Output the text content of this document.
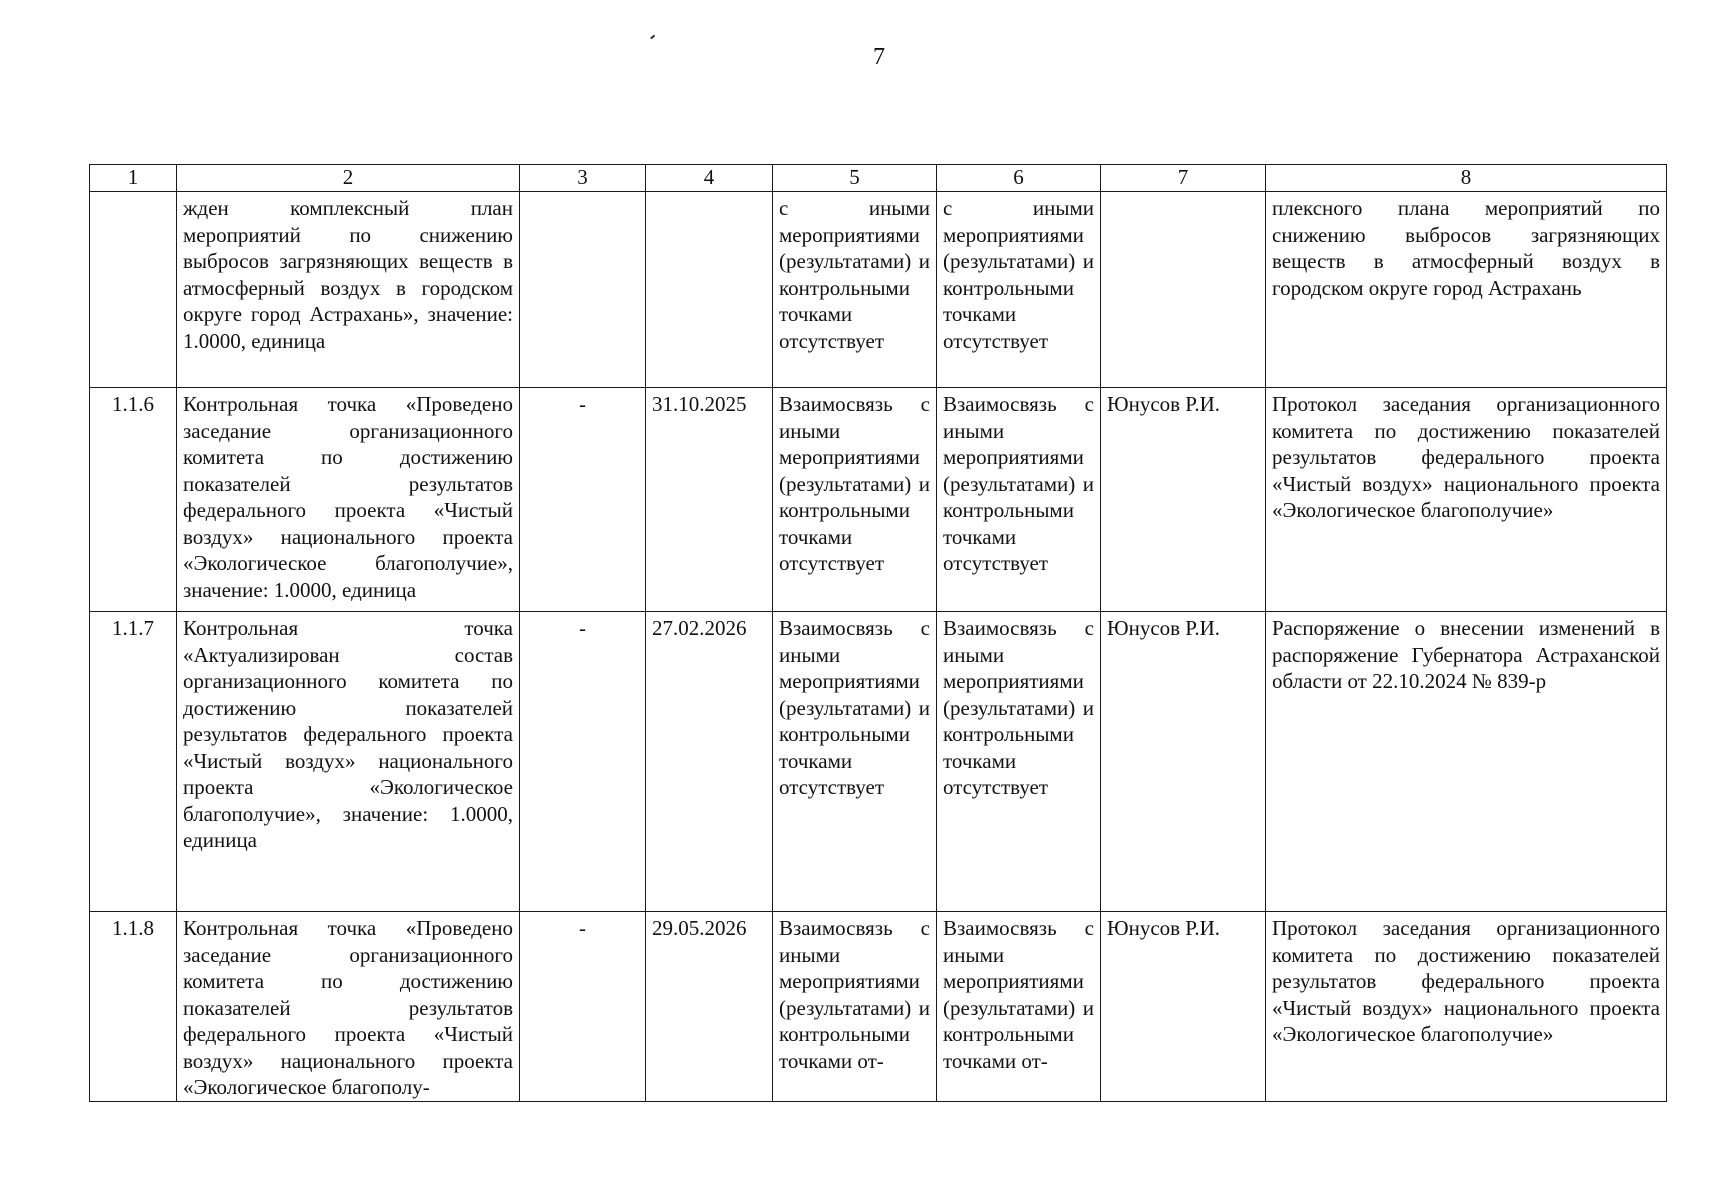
7
1	2	3	4	5	6	7	8
	жден комплексный план мероприятий по снижению выбросов загрязняющих веществ в атмосферный воздух в городском округе город Астрахань», значение: 1.0000, единица			с иными мероприятиями (результатами) и контрольными точками отсутствует	с иными мероприятиями (результатами) и контрольными точками отсутствует		плексного плана мероприятий по снижению выбросов загрязняющих веществ в атмосферный воздух в городском округе город Астрахань
1.1.6	Контрольная точка «Проведено заседание организационного комитета по достижению показателей результатов федерального проекта «Чистый воздух» национального проекта «Экологическое благополучие», значение: 1.0000, единица	-	31.10.2025	Взаимосвязь с иными мероприятиями (результатами) и контрольными точками отсутствует	Взаимосвязь с иными мероприятиями (результатами) и контрольными точками отсутствует	Юнусов Р.И.	Протокол заседания организационного комитета по достижению показателей результатов федерального проекта «Чистый воздух» национального проекта «Экологическое благополучие»
1.1.7	Контрольная точка «Актуализирован состав организационного комитета по достижению показателей результатов федерального проекта «Чистый воздух» национального проекта «Экологическое благополучие», значение: 1.0000, единица	-	27.02.2026	Взаимосвязь с иными мероприятиями (результатами) и контрольными точками отсутствует	Взаимосвязь с иными мероприятиями (результатами) и контрольными точками отсутствует	Юнусов Р.И.	Распоряжение о внесении изменений в распоряжение Губернатора Астраханской области от 22.10.2024 № 839-р
1.1.8	Контрольная точка «Проведено заседание организационного комитета по достижению показателей результатов федерального проекта «Чистый воздух» национального проекта «Экологическое благополу-	-	29.05.2026	Взаимосвязь с иными мероприятиями (результатами) и контрольными точками от-	Взаимосвязь с иными мероприятиями (результатами) и контрольными точками от-	Юнусов Р.И.	Протокол заседания организационного комитета по достижению показателей результатов федерального проекта «Чистый воздух» национального проекта «Экологическое благополучие»
